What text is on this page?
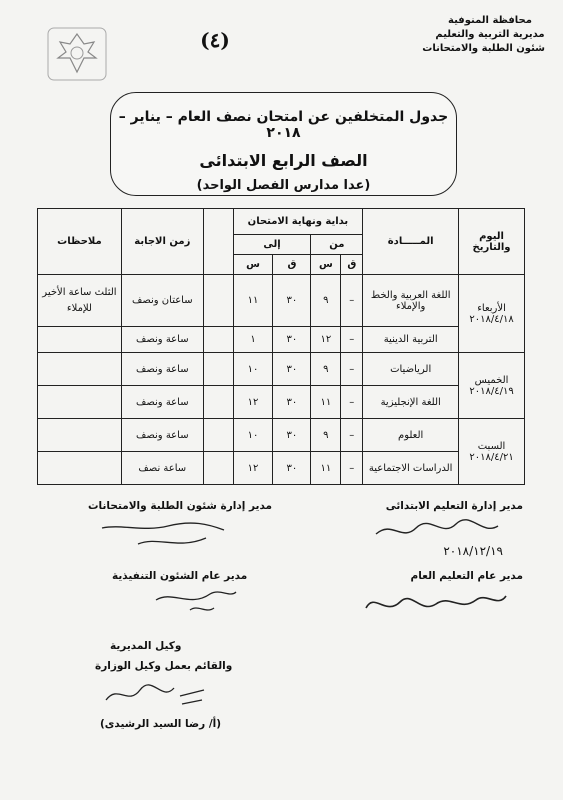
محافظة المنوفية
مديرية التربية والتعليم
شئون الطلبة والامتحانات
(٤)
جدول المتخلفين عن امتحان نصف العام – يناير – ٢٠١٨
الصف الرابع الابتدائى
(عدا مدارس الفصل الواحد)
اليوم والتاريخ	المـــــادة	بداية ونهاية الامتحان					زمن الاجابة	ملاحظات
		من		إلى				
		ق	س	ق	س			

الأربعاء
٢٠١٨/٤/١٨	اللغة العربية والخط والإملاء	–	٩	٣٠	١١		ساعتان ونصف	الثلث ساعة الأخير للإملاء
	التربية الدينية	–	١٢	٣٠	١		ساعة ونصف	

الخميس
٢٠١٨/٤/١٩	الرياضيات	–	٩	٣٠	١٠		ساعة ونصف	
	اللغة الإنجليزية	–	١١	٣٠	١٢		ساعة ونصف	

السبت
٢٠١٨/٤/٢١	العلوم	–	٩	٣٠	١٠		ساعة ونصف	
	الدراسات الاجتماعية	–	١١	٣٠	١٢		ساعة نصف	
مدير إدارة التعليم الابتدائى
٢٠١٨/١٢/١٩
مدير عام التعليم العام
مدير إدارة شئون الطلبة والامتحانات
مدير عام الشئون التنفيذية
وكيل المديرية
والقائم بعمل وكيل الوزارة
(أ/ رضا السيد الرشيدى)
